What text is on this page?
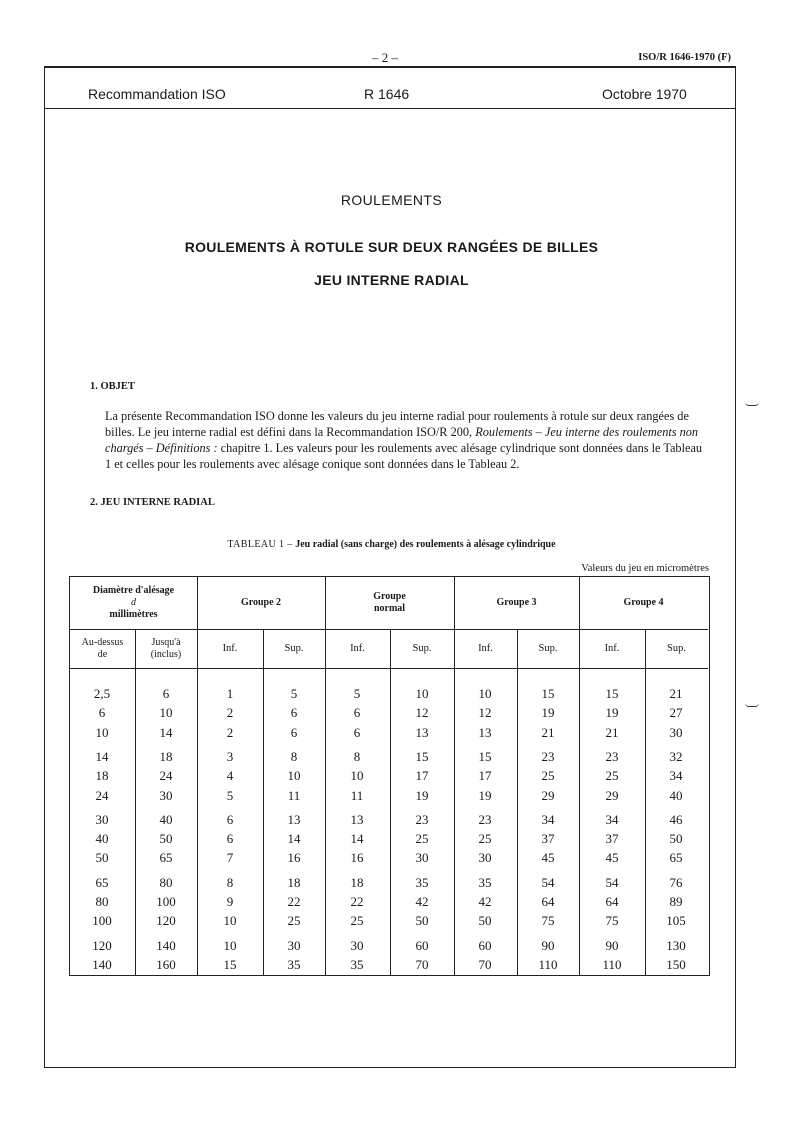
– 2 –	ISO/R 1646-1970 (F)
Recommandation ISO	R 1646	Octobre 1970
ROULEMENTS
ROULEMENTS À ROTULE SUR DEUX RANGÉES DE BILLES
JEU INTERNE RADIAL
1. OBJET
La présente Recommandation ISO donne les valeurs du jeu interne radial pour roulements à rotule sur deux rangées de billes. Le jeu interne radial est défini dans la Recommandation ISO/R 200, Roulements – Jeu interne des roulements non chargés – Définitions : chapitre 1. Les valeurs pour les roulements avec alésage cylindrique sont données dans le Tableau 1 et celles pour les roulements avec alésage conique sont données dans le Tableau 2.
2. JEU INTERNE RADIAL
TABLEAU 1 – Jeu radial (sans charge) des roulements à alésage cylindrique
Valeurs du jeu en micromètres
Diamètre d'alésage
d
millimètres
Au-dessus
de
Jusqu'à
(inclus)
Groupe 2
Groupe
normal
Groupe 3	Groupe 4
Inf.	Sup.	Inf.	Sup.	Inf.	Sup.	Inf.	Sup.
2,5	6	1	5	5	10	10	15	15	21
6	10	2	6	6	12	12	19	19	27
10	14	2	6	6	13	13	21	21	30
14	18	3	8	8	15	15	23	23	32
18	24	4	10	10	17	17	25	25	34
24	30	5	11	11	19	19	29	29	40
30	40	6	13	13	23	23	34	34	46
40	50	6	14	14	25	25	37	37	50
50	65	7	16	16	30	30	45	45	65
65	80	8	18	18	35	35	54	54	76
80	100	9	22	22	42	42	64	64	89
100	120	10	25	25	50	50	75	75	105
120	140	10	30	30	60	60	90	90	130
140	160	15	35	35	70	70	110	110	150
